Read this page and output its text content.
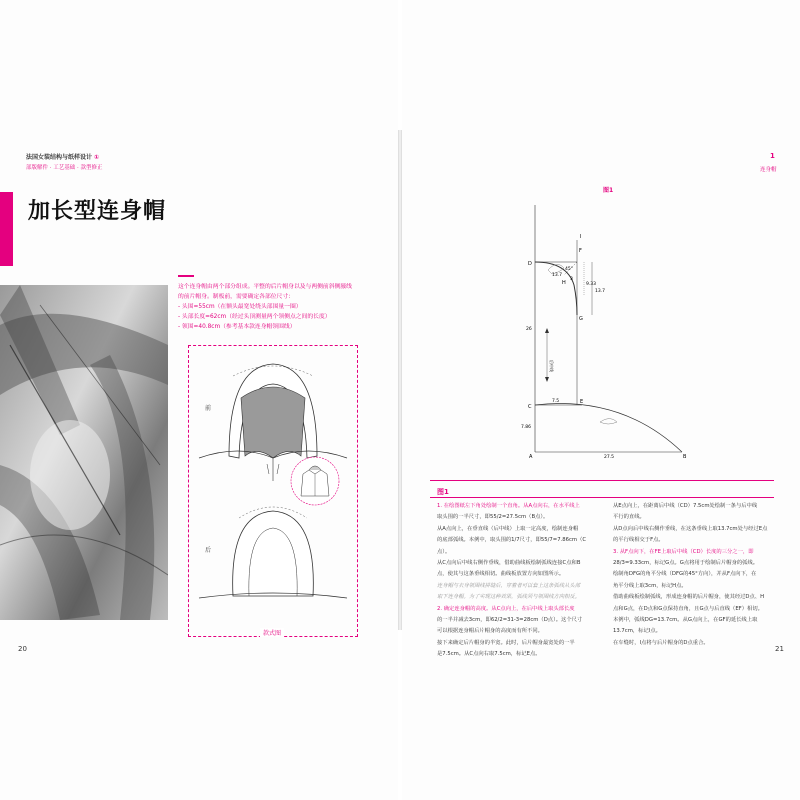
法国女装结构与纸样设计 ①
部版解件 · 工艺基础 · 款型修正
加长型连身帽
这个连身帽由两个部分组成。平整的后片帽身以及与两侧前斜侧腋线
的前片帽身。制板前，需要确定各部位尺寸：
- 头围=55cm（在额头最宽处绕头部围量一圈）
- 头部长度=62cm（经过头顶测量两个领侧点之间的长度）
- 领围=40.8cm（参考基本款连身帽领围线）
前
后
款式图
20
1
连身帽
图1
D
F
I
G
H
C
E
A	B
45°
13.7
13.7
9.33
3
26
7.5
7.86
27.5
后中线
图1

1. 在绘图纸左下角处绘制一个直角。从A点向右，在水平线上

取头围的一半尺寸，即55/2=27.5cm（B点）。

从A点向上，在垂直线（后中线）上取一定高度，绘制连身帽

的底部弧线。本例中，取头围的1/7尺寸，即55/7=7.86cm（C

点）。

从C点向后中线右侧作垂线，借助曲线板绘制弧线连接C点和B

点，使其与这条垂线相切。曲线板放置方向如图所示。

连身帽与衣身领围线拼缝后，穿着者可以套上这条弧线从头部

取下连身帽。为了实现这种效果，弧线须与领围线方向相反。

2. 确定连身帽的高度。从C点向上，在后中线上取头部长度

的一半并减去3cm，即62/2=31-3=28cm（D点）。这个尺寸

可以根据连身帽后片帽身的高度而有所不同。

接下来确定后片帽身的半宽。此时，后片帽身最宽处的一半

是7.5cm。从C点向右取7.5cm，标记E点。

从E点向上，在距离后中线（CD）7.5cm处绘制一条与后中线

平行的直线。

从D点向后中线右侧作垂线，在这条垂线上取13.7cm处与经过E点

的平行线相交于F点。

3. 从F点向下，在FE上取后中线（CD）长度的三分之一，即

28/3=9.33cm，标记G点。G点将用于绘制后片帽身的弧线。

绘制角DFG的角平分线（DFG的45°方向），并从F点向下，在

角平分线上取3cm，标记H点。

借助曲线板绘制弧线，形成连身帽的后片帽身，使其经过D点、H

点和G点，在D点和G点保持直角，且G点与后直线（EF）相切。

本例中，弧线DG=13.7cm。从G点向上，在GF的延长线上取

13.7cm，标记I点。

在车缝时，I点将与后片帽身的D点重合。

21
